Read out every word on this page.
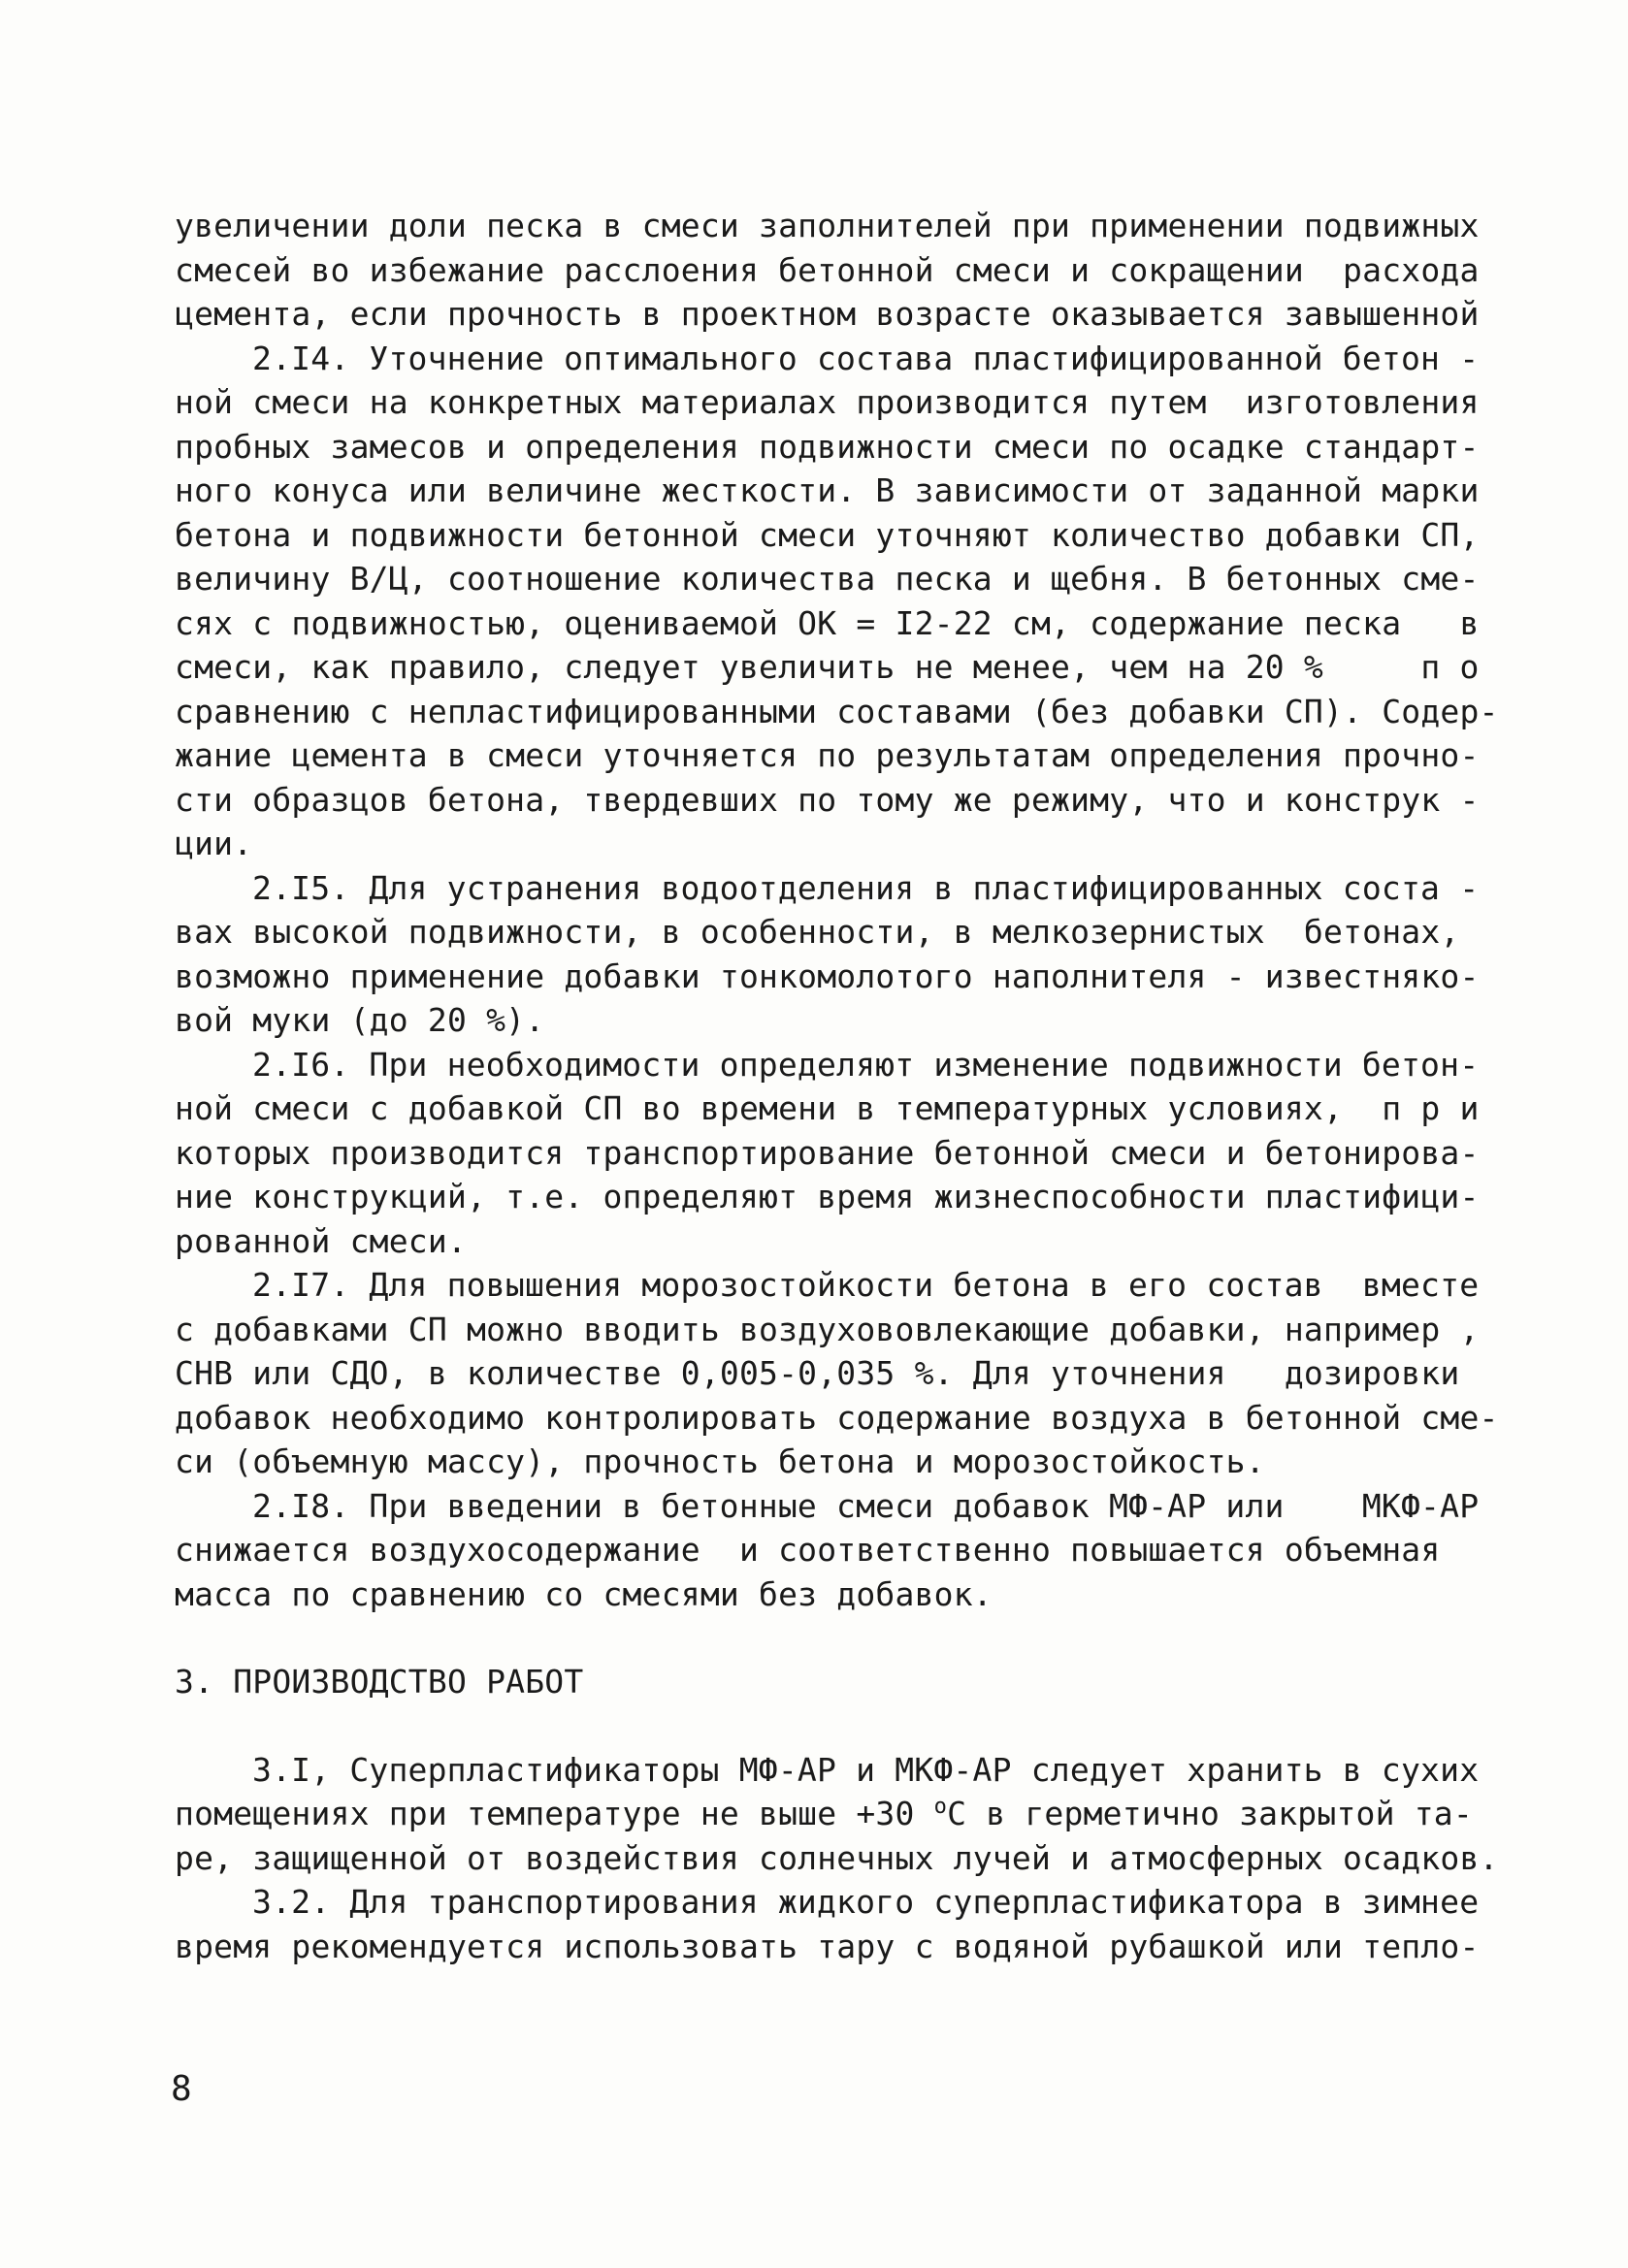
увеличении доли песка в смеси заполнителей при применении подвижных
смесей во избежание расслоения бетонной смеси и сокращении  расхода
цемента, если прочность в проектном возрасте оказывается завышенной
2.I4. Уточнение оптимального состава пластифицированной бетон -
ной смеси на конкретных материалах производится путем  изготовления
пробных замесов и определения подвижности смеси по осадке стандарт-
ного конуса или величине жесткости. В зависимости от заданной марки
бетона и подвижности бетонной смеси уточняют количество добавки СП,
величину В/Ц, соотношение количества песка и щебня. В бетонных сме-
сях с подвижностью, оцениваемой ОК = I2-22 см, содержание песка   в
смеси, как правило, следует увеличить не менее, чем на 20 %     п о
сравнению с непластифицированными составами (без добавки СП). Содер-
жание цемента в смеси уточняется по результатам определения прочно-
сти образцов бетона, твердевших по тому же режиму, что и конструк -
ции.
2.I5. Для устранения водоотделения в пластифицированных соста -
вах высокой подвижности, в особенности, в мелкозернистых  бетонах,
возможно применение добавки тонкомолотого наполнителя - известняко-
вой муки (до 20 %).
2.I6. При необходимости определяют изменение подвижности бетон-
ной смеси с добавкой СП во времени в температурных условиях,  п р и
которых производится транспортирование бетонной смеси и бетонирова-
ние конструкций, т.е. определяют время жизнеспособности пластифици-
рованной смеси.
2.I7. Для повышения морозостойкости бетона в его состав  вместе
с добавками СП можно вводить воздухововлекающие добавки, например ,
СНВ или СДО, в количестве 0,005-0,035 %. Для уточнения   дозировки
добавок необходимо контролировать содержание воздуха в бетонной сме-
си (объемную массу), прочность бетона и морозостойкость.
2.I8. При введении в бетонные смеси добавок МФ-АР или    МКФ-АР
снижается воздухосодержание  и соответственно повышается объемная
масса по сравнению со смесями без добавок.
3. ПРОИЗВОДСТВО РАБОТ
3.I, Суперпластификаторы МФ-АР и МКФ-АР следует хранить в сухих
помещениях при температуре не выше +30 $^о$С в герметично закрытой та-
ре, защищенной от воздействия солнечных лучей и атмосферных осадков.
3.2. Для транспортирования жидкого суперпластификатора в зимнее
время рекомендуется использовать тару с водяной рубашкой или тепло-
8
